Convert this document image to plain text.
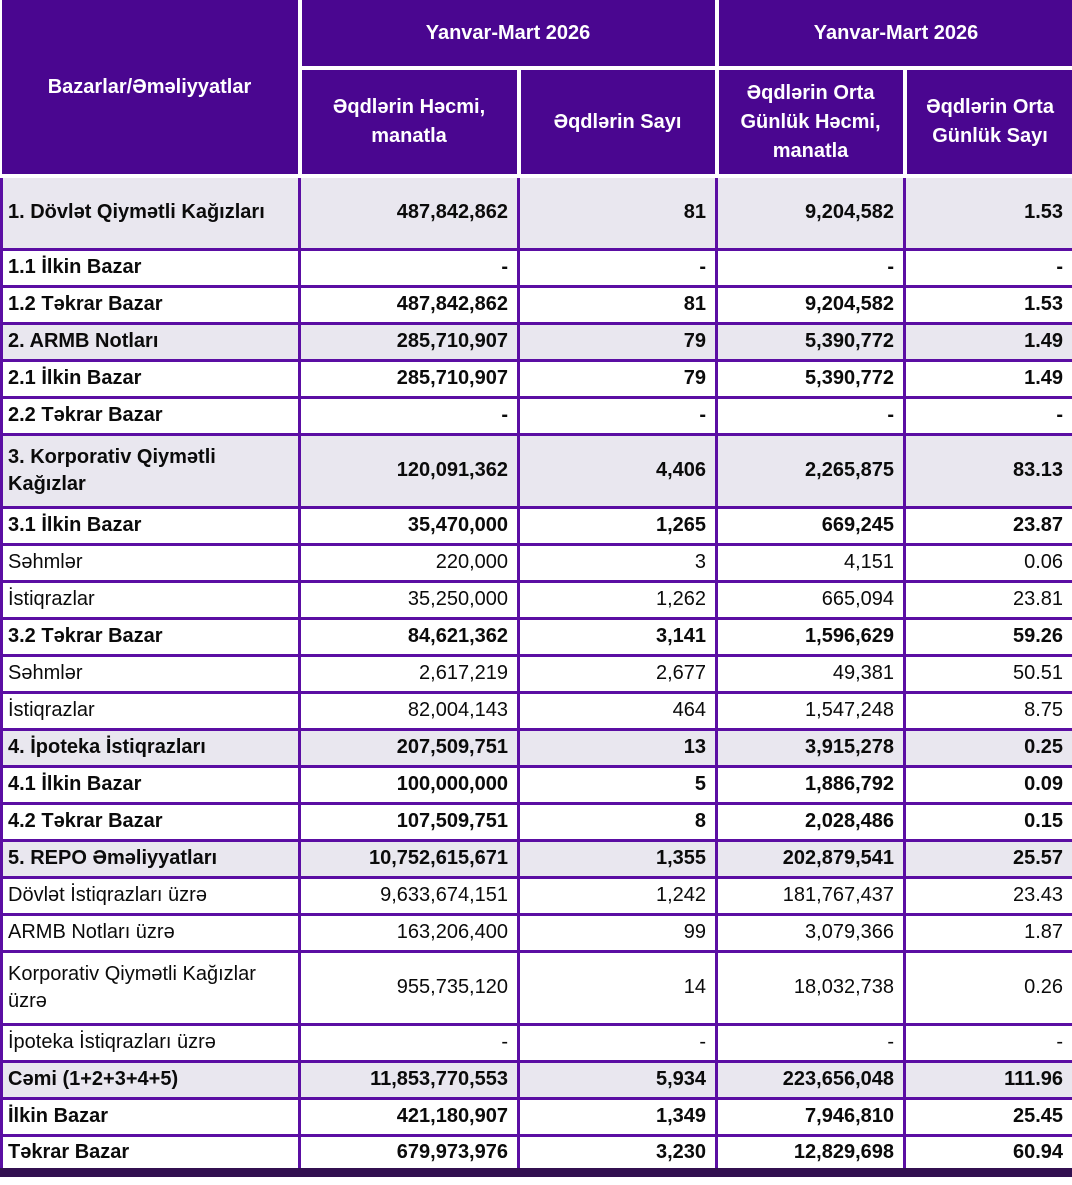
Bazarlar/Əməliyyatlar	Yanvar-Mart 2026		Yanvar-Mart 2026	
	Əqdlərin Həcmi, manatla	Əqdlərin Sayı	Əqdlərin Orta Günlük Həcmi, manatla	Əqdlərin Orta Günlük Sayı
1. Dövlət Qiymətli Kağızları	487,842,862	81	9,204,582	1.53
1.1 İlkin Bazar	-	-	-	-
1.2 Təkrar Bazar	487,842,862	81	9,204,582	1.53
2. ARMB Notları	285,710,907	79	5,390,772	1.49
2.1 İlkin Bazar	285,710,907	79	5,390,772	1.49
2.2 Təkrar Bazar	-	-	-	-
3. Korporativ Qiymətli Kağızlar	120,091,362	4,406	2,265,875	83.13
3.1 İlkin Bazar	35,470,000	1,265	669,245	23.87
Səhmlər	220,000	3	4,151	0.06
İstiqrazlar	35,250,000	1,262	665,094	23.81
3.2 Təkrar Bazar	84,621,362	3,141	1,596,629	59.26
Səhmlər	2,617,219	2,677	49,381	50.51
İstiqrazlar	82,004,143	464	1,547,248	8.75
4. İpoteka İstiqrazları	207,509,751	13	3,915,278	0.25
4.1 İlkin Bazar	100,000,000	5	1,886,792	0.09
4.2 Təkrar Bazar	107,509,751	8	2,028,486	0.15
5. REPO Əməliyyatları	10,752,615,671	1,355	202,879,541	25.57
Dövlət İstiqrazları üzrə	9,633,674,151	1,242	181,767,437	23.43
ARMB Notları üzrə	163,206,400	99	3,079,366	1.87
Korporativ Qiymətli Kağızlar üzrə	955,735,120	14	18,032,738	0.26
İpoteka İstiqrazları üzrə	-	-	-	-
Cəmi (1+2+3+4+5)	11,853,770,553	5,934	223,656,048	111.96
İlkin Bazar	421,180,907	1,349	7,946,810	25.45
Təkrar Bazar	679,973,976	3,230	12,829,698	60.94
